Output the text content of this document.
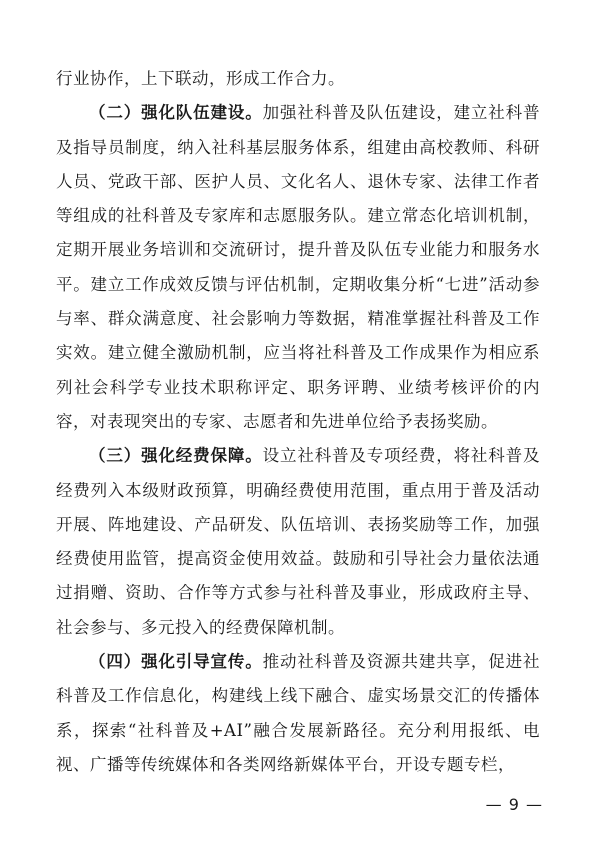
行业协作，上下联动，形成工作合力。

（二）强化队伍建设。加强社科普及队伍建设，建立社科普及指导员制度，纳入社科基层服务体系，组建由高校教师、科研人员、党政干部、医护人员、文化名人、退休专家、法律工作者等组成的社科普及专家库和志愿服务队。建立常态化培训机制，定期开展业务培训和交流研讨，提升普及队伍专业能力和服务水平。建立工作成效反馈与评估机制，定期收集分析“七进”活动参与率、群众满意度、社会影响力等数据，精准掌握社科普及工作实效。建立健全激励机制，应当将社科普及工作成果作为相应系列社会科学专业技术职称评定、职务评聘、业绩考核评价的内容，对表现突出的专家、志愿者和先进单位给予表扬奖励。

（三）强化经费保障。设立社科普及专项经费，将社科普及经费列入本级财政预算，明确经费使用范围，重点用于普及活动开展、阵地建设、产品研发、队伍培训、表扬奖励等工作，加强经费使用监管，提高资金使用效益。鼓励和引导社会力量依法通过捐赠、资助、合作等方式参与社科普及事业，形成政府主导、社会参与、多元投入的经费保障机制。

（四）强化引导宣传。推动社科普及资源共建共享，促进社科普及工作信息化，构建线上线下融合、虚实场景交汇的传播体系，探索“社科普及+AI”融合发展新路径。充分利用报纸、电视、广播等传统媒体和各类网络新媒体平台，开设专题专栏，

— 9 —
